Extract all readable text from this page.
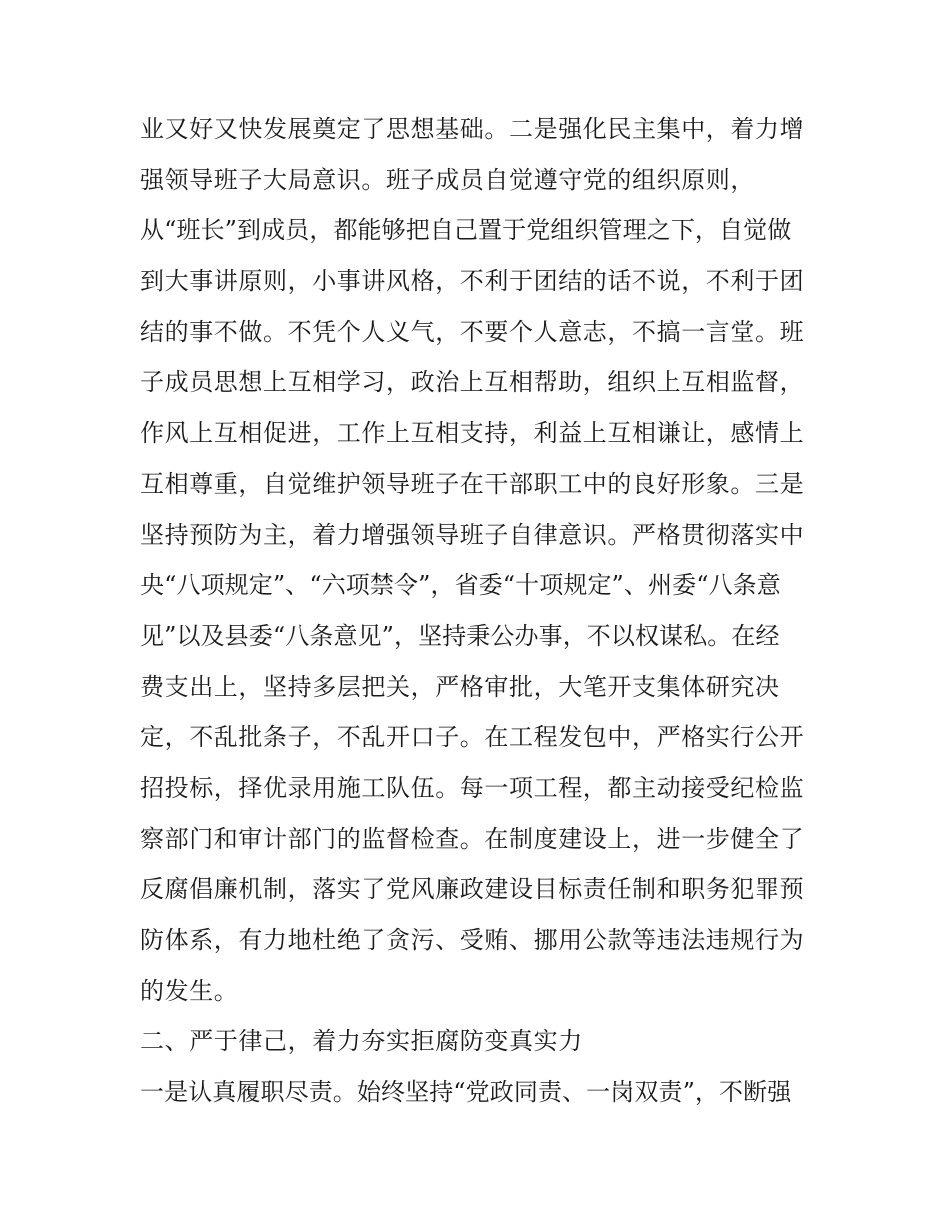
业又好又快发展奠定了思想基础。二是强化民主集中，着力增
强领导班子大局意识。班子成员自觉遵守党的组织原则，
从“班长”到成员，都能够把自己置于党组织管理之下，自觉做
到大事讲原则，小事讲风格，不利于团结的话不说，不利于团
结的事不做。不凭个人义气，不要个人意志，不搞一言堂。班
子成员思想上互相学习，政治上互相帮助，组织上互相监督，
作风上互相促进，工作上互相支持，利益上互相谦让，感情上
互相尊重，自觉维护领导班子在干部职工中的良好形象。三是
坚持预防为主，着力增强领导班子自律意识。严格贯彻落实中
央“八项规定”、“六项禁令”，省委“十项规定”、州委“八条意
见”以及县委“八条意见”，坚持秉公办事，不以权谋私。在经
费支出上，坚持多层把关，严格审批，大笔开支集体研究决
定，不乱批条子，不乱开口子。在工程发包中，严格实行公开
招投标，择优录用施工队伍。每一项工程，都主动接受纪检监
察部门和审计部门的监督检查。在制度建设上，进一步健全了
反腐倡廉机制，落实了党风廉政建设目标责任制和职务犯罪预
防体系，有力地杜绝了贪污、受贿、挪用公款等违法违规行为
的发生。
二、严于律己，着力夯实拒腐防变真实力
一是认真履职尽责。始终坚持“党政同责、一岗双责”，不断强
